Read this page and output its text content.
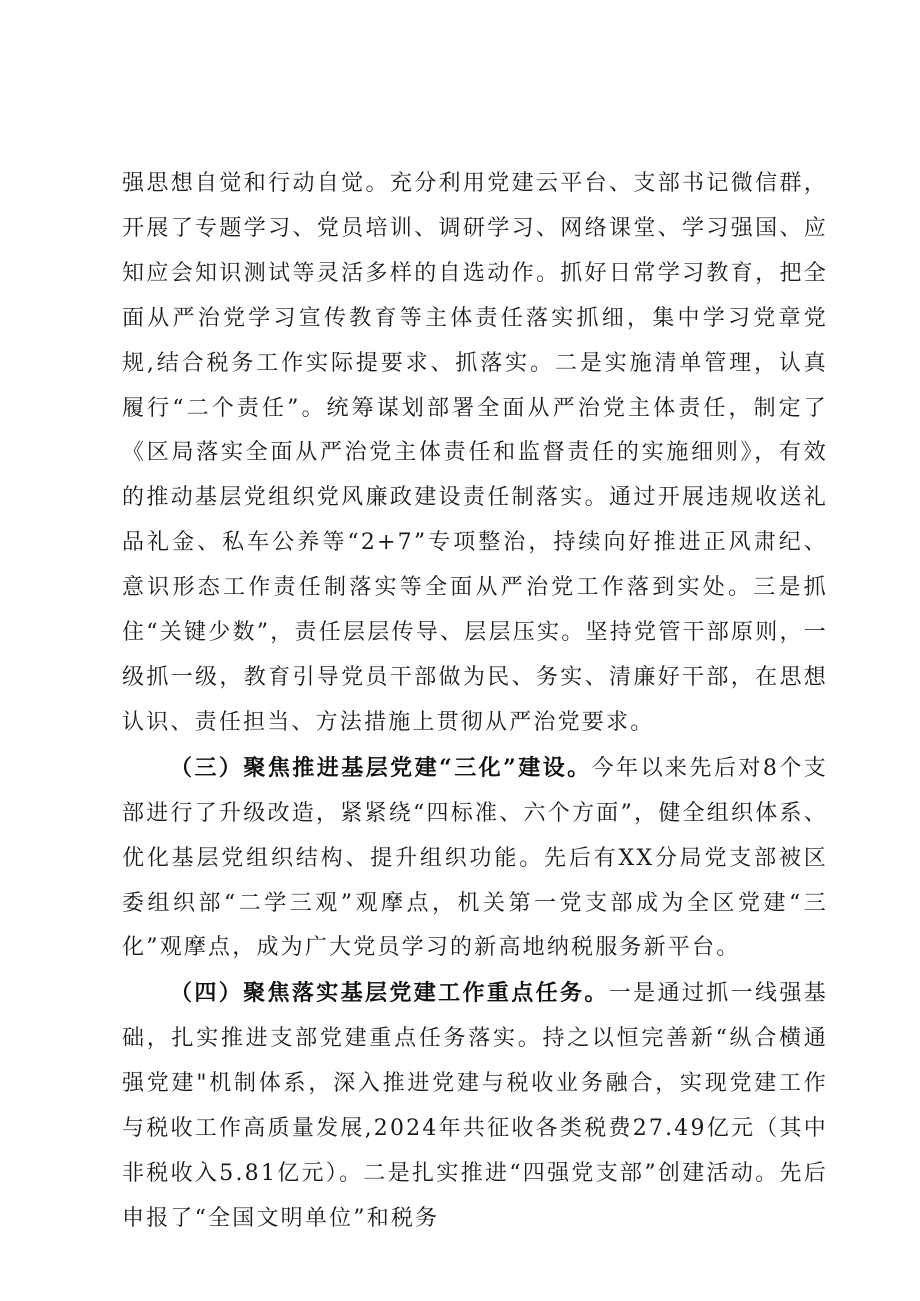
强思想自觉和行动自觉。充分利用党建云平台、支部书记微信群，开展了专题学习、党员培训、调研学习、网络课堂、学习强国、应知应会知识测试等灵活多样的自选动作。抓好日常学习教育，把全面从严治党学习宣传教育等主体责任落实抓细，集中学习党章党规,结合税务工作实际提要求、抓落实。二是实施清单管理，认真履行“二个责任”。统筹谋划部署全面从严治党主体责任，制定了《区局落实全面从严治党主体责任和监督责任的实施细则》，有效的推动基层党组织党风廉政建设责任制落实。通过开展违规收送礼品礼金、私车公养等“2+7”专项整治，持续向好推进正风肃纪、意识形态工作责任制落实等全面从严治党工作落到实处。三是抓住“关键少数”，责任层层传导、层层压实。坚持党管干部原则，一级抓一级，教育引导党员干部做为民、务实、清廉好干部，在思想认识、责任担当、方法措施上贯彻从严治党要求。

（三）聚焦推进基层党建“三化”建设。今年以来先后对8个支部进行了升级改造，紧紧绕“四标准、六个方面”，健全组织体系、优化基层党组织结构、提升组织功能。先后有XX分局党支部被区委组织部“二学三观”观摩点，机关第一党支部成为全区党建“三化”观摩点，成为广大党员学习的新高地纳税服务新平台。

（四）聚焦落实基层党建工作重点任务。一是通过抓一线强基础，扎实推进支部党建重点任务落实。持之以恒完善新“纵合横通强党建"机制体系，深入推进党建与税收业务融合，实现党建工作与税收工作高质量发展,2024年共征收各类税费27.49亿元（其中非税收入5.81亿元）。二是扎实推进“四强党支部”创建活动。先后申报了“全国文明单位”和税务
